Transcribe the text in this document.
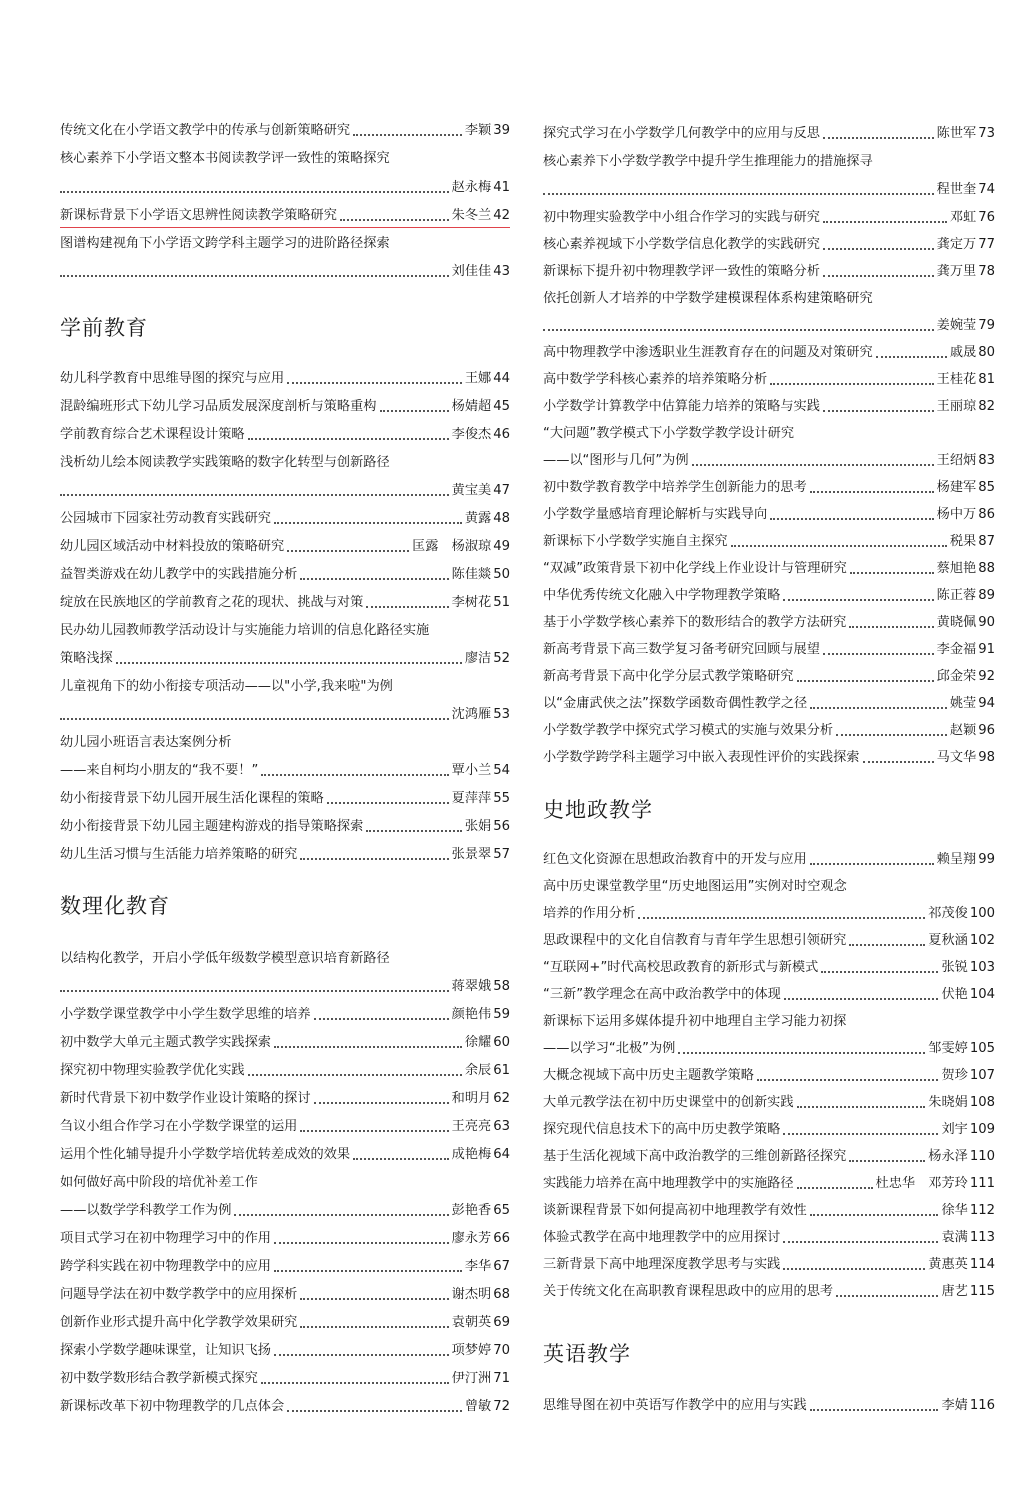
传统文化在小学语文教学中的传承与创新策略研究	李颖 39
核心素养下小学语文整本书阅读教学评一致性的策略探究
赵永梅 41
新课标背景下小学语文思辨性阅读教学策略研究	朱冬兰 42
图谱构建视角下小学语文跨学科主题学习的进阶路径探索
刘佳佳 43
学前教育
幼儿科学教育中思维导图的探究与应用	王娜 44
混龄编班形式下幼儿学习品质发展深度剖析与策略重构	杨婧超 45
学前教育综合艺术课程设计策略	李俊杰 46
浅析幼儿绘本阅读教学实践策略的数字化转型与创新路径
黄宝美 47
公园城市下园家社劳动教育实践研究	黄露 48
幼儿园区域活动中材料投放的策略研究	匡露　杨淑琼 49
益智类游戏在幼儿教学中的实践措施分析	陈佳燚 50
绽放在民族地区的学前教育之花的现状、挑战与对策	李树花 51
民办幼儿园教师教学活动设计与实施能力培训的信息化路径实施
策略浅探	廖洁 52
儿童视角下的幼小衔接专项活动——以"小学,我来啦"为例
沈鸿雁 53
幼儿园小班语言表达案例分析
——来自柯均小朋友的“我不要！”	覃小兰 54
幼小衔接背景下幼儿园开展生活化课程的策略	夏萍萍 55
幼小衔接背景下幼儿园主题建构游戏的指导策略探索	张娟 56
幼儿生活习惯与生活能力培养策略的研究	张景翠 57
数理化教育
以结构化教学，开启小学低年级数学模型意识培育新路径
蒋翠娥 58
小学数学课堂教学中小学生数学思维的培养	颜艳伟 59
初中数学大单元主题式教学实践探索	徐耀 60
探究初中物理实验教学优化实践	余辰 61
新时代背景下初中数学作业设计策略的探讨	和明月 62
刍议小组合作学习在小学数学课堂的运用	王亮亮 63
运用个性化辅导提升小学数学培优转差成效的效果	成艳梅 64
如何做好高中阶段的培优补差工作
——以数学学科教学工作为例	彭艳香 65
项目式学习在初中物理学习中的作用	廖永芳 66
跨学科实践在初中物理教学中的应用	李华 67
问题导学法在初中数学教学中的应用探析	谢杰明 68
创新作业形式提升高中化学教学效果研究	袁朝英 69
探索小学数学趣味课堂，让知识飞扬	项梦婷 70
初中数学数形结合教学新模式探究	伊汀洲 71
新课标改革下初中物理教学的几点体会	曾敏 72
探究式学习在小学数学几何教学中的应用与反思	陈世军 73
核心素养下小学数学教学中提升学生推理能力的措施探寻
程世奎 74
初中物理实验教学中小组合作学习的实践与研究	邓虹 76
核心素养视域下小学数学信息化教学的实践研究	龚定万 77
新课标下提升初中物理教学评一致性的策略分析	龚万里 78
依托创新人才培养的中学数学建模课程体系构建策略研究
姜婉莹 79
高中物理教学中渗透职业生涯教育存在的问题及对策研究	戚晟 80
高中数学学科核心素养的培养策略分析	王桂花 81
小学数学计算教学中估算能力培养的策略与实践	王丽琼 82
“大问题”教学模式下小学数学教学设计研究
——以“图形与几何”为例	王绍炳 83
初中数学教育教学中培养学生创新能力的思考	杨建军 85
小学数学量感培育理论解析与实践导向	杨中万 86
新课标下小学数学实施自主探究	税果 87
“双减”政策背景下初中化学线上作业设计与管理研究	蔡旭艳 88
中华优秀传统文化融入中学物理教学策略	陈正蓉 89
基于小学数学核心素养下的数形结合的教学方法研究	黄晓佩 90
新高考背景下高三数学复习备考研究回顾与展望	李金福 91
新高考背景下高中化学分层式教学策略研究	邱金荣 92
以“金庸武侠之法”探数学函数奇偶性教学之径	姚莹 94
小学数学教学中探究式学习模式的实施与效果分析	赵颖 96
小学数学跨学科主题学习中嵌入表现性评价的实践探索	马文华 98
史地政教学
红色文化资源在思想政治教育中的开发与应用	赖呈翔 99
高中历史课堂教学里“历史地图运用”实例对时空观念
培养的作用分析	祁茂俊 100
思政课程中的文化自信教育与青年学生思想引领研究	夏秋涵 102
“互联网+”时代高校思政教育的新形式与新模式	张锐 103
“三新”教学理念在高中政治教学中的体现	伏艳 104
新课标下运用多媒体提升初中地理自主学习能力初探
——以学习“北极”为例	邹雯婷 105
大概念视域下高中历史主题教学策略	贺珍 107
大单元教学法在初中历史课堂中的创新实践	朱晓娟 108
探究现代信息技术下的高中历史教学策略	刘宇 109
基于生活化视域下高中政治教学的三维创新路径探究	杨永泽 110
实践能力培养在高中地理教学中的实施路径	杜忠华　邓芳玲 111
谈新课程背景下如何提高初中地理教学有效性	徐华 112
体验式教学在高中地理教学中的应用探讨	袁满 113
三新背景下高中地理深度教学思考与实践	黄惠英 114
关于传统文化在高职教育课程思政中的应用的思考	唐艺 115
英语教学
思维导图在初中英语写作教学中的应用与实践	李婧 116
